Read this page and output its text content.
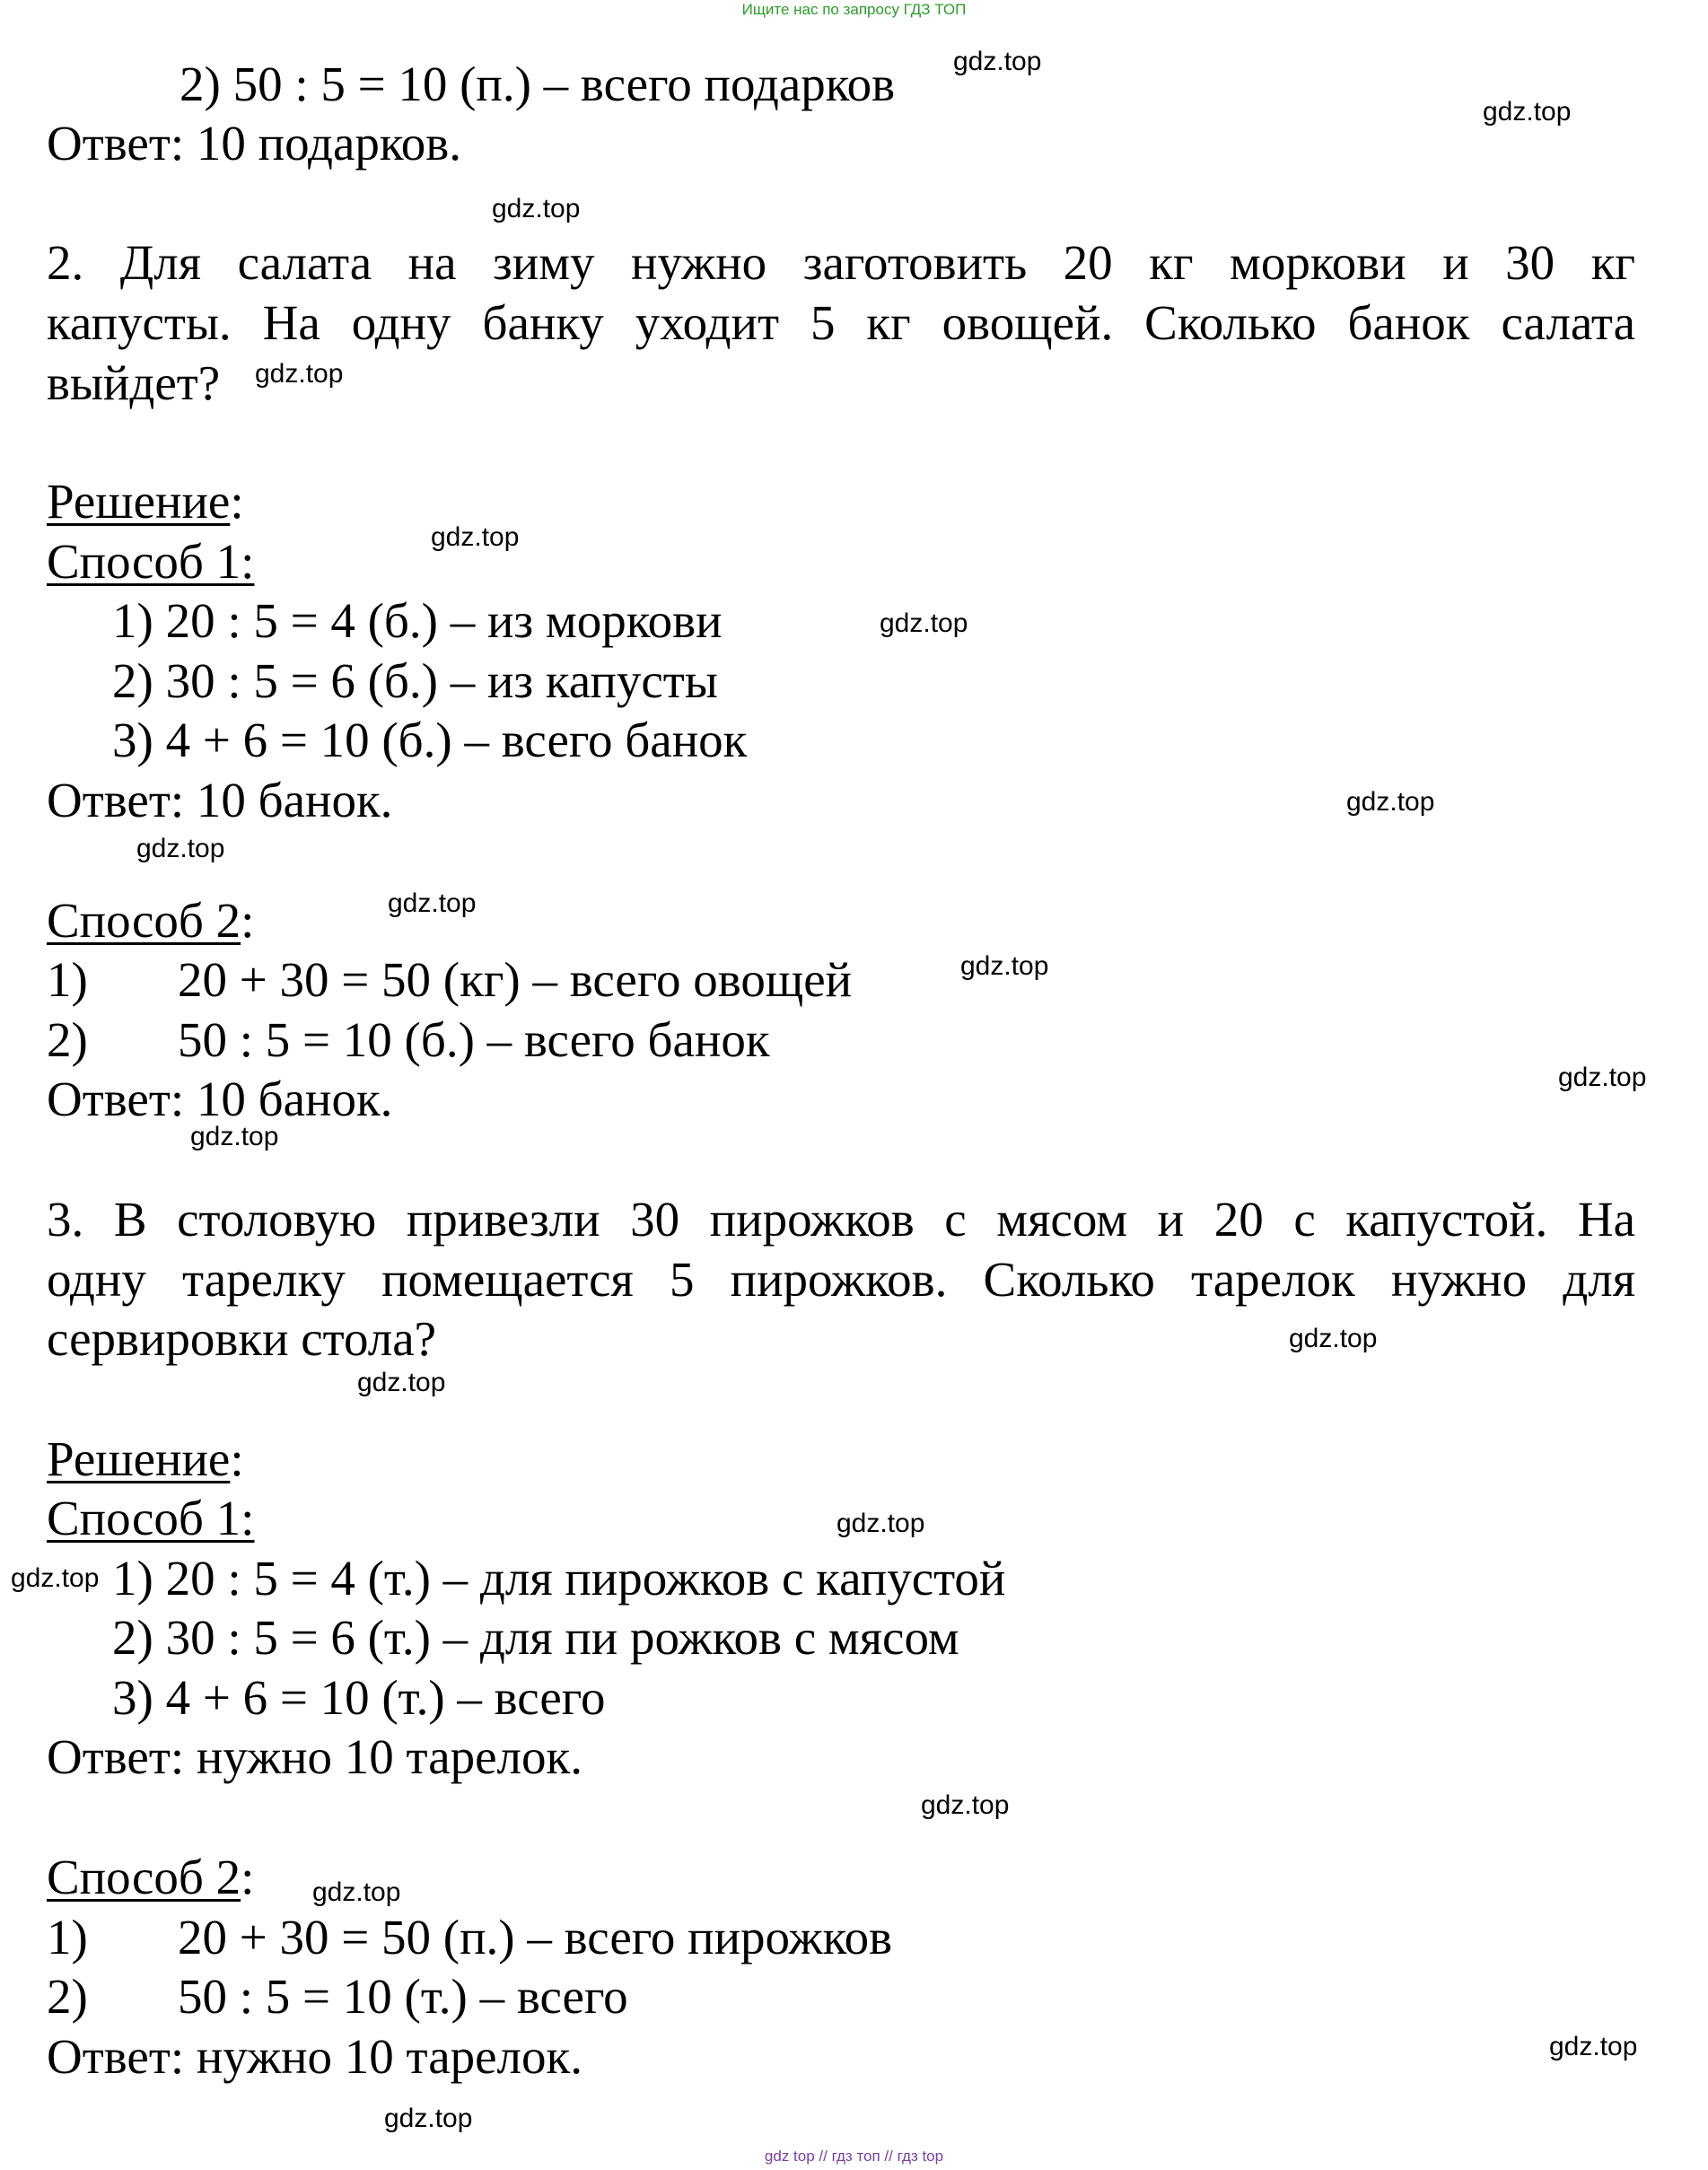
Ищите нас по запросу ГДЗ ТОП
2) 50 : 5 = 10 (п.) – всего подарков
Ответ: 10 подарков.
2. Для салата на зиму нужно заготовить 20 кг моркови и 30 кг
капусты. На одну банку уходит 5 кг овощей. Сколько банок салата
выйдет?
Решение:
Способ 1:
1) 20 : 5 = 4 (б.) – из моркови
2) 30 : 5 = 6 (б.) – из капусты
3) 4 + 6 = 10 (б.) – всего банок
Ответ: 10 банок.
Способ 2:
1) 20 + 30 = 50 (кг) – всего овощей
2) 50 : 5 = 10 (б.) – всего банок
Ответ: 10 банок.
3. В столовую привезли 30 пирожков с мясом и 20 с капустой. На
одну тарелку помещается 5 пирожков. Сколько тарелок нужно для
сервировки стола?
Решение:
Способ 1:
1) 20 : 5 = 4 (т.) – для пирожков с капустой
2) 30 : 5 = 6 (т.) – для пи рожков с мясом
3) 4 + 6 = 10 (т.) – всего
Ответ: нужно 10 тарелок.
Способ 2:
1) 20 + 30 = 50 (п.) – всего пирожков
2) 50 : 5 = 10 (т.) – всего
Ответ: нужно 10 тарелок.
gdz.top
gdz.top
gdz.top
gdz.top
gdz.top
gdz.top
gdz.top
gdz.top
gdz.top
gdz.top
gdz.top
gdz.top
gdz.top
gdz.top
gdz.top
gdz.top
gdz.top
gdz.top
gdz.top
gdz.top
gdz top // гдз топ // гдз top
